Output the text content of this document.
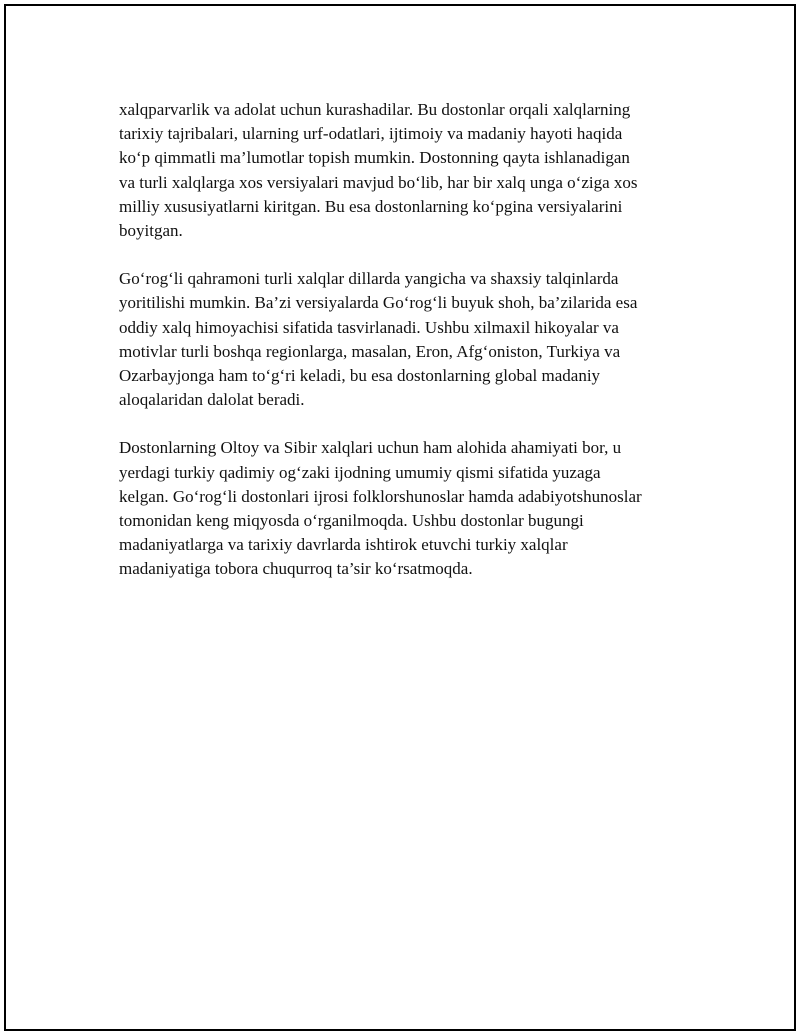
xalqparvarlik va adolat uchun kurashadilar. Bu dostonlar orqali xalqlarning
tarixiy tajribalari, ularning urf-odatlari, ijtimoiy va madaniy hayoti haqida
ko‘p qimmatli ma’lumotlar topish mumkin. Dostonning qayta ishlanadigan
va turli xalqlarga xos versiyalari mavjud bo‘lib, har bir xalq unga o‘ziga xos
milliy xususiyatlarni kiritgan. Bu esa dostonlarning ko‘pgina versiyalarini
boyitgan.

Go‘rog‘li qahramoni turli xalqlar dillarda yangicha va shaxsiy talqinlarda
yoritilishi mumkin. Ba’zi versiyalarda Go‘rog‘li buyuk shoh, ba’zilarida esa
oddiy xalq himoyachisi sifatida tasvirlanadi. Ushbu xilmaxil hikoyalar va
motivlar turli boshqa regionlarga, masalan, Eron, Afg‘oniston, Turkiya va
Ozarbayjonga ham to‘g‘ri keladi, bu esa dostonlarning global madaniy
aloqalaridan dalolat beradi.

Dostonlarning Oltoy va Sibir xalqlari uchun ham alohida ahamiyati bor, u
yerdagi turkiy qadimiy og‘zaki ijodning umumiy qismi sifatida yuzaga
kelgan. Go‘rog‘li dostonlari ijrosi folklorshunoslar hamda adabiyotshunoslar
tomonidan keng miqyosda o‘rganilmoqda. Ushbu dostonlar bugungi
madaniyatlarga va tarixiy davrlarda ishtirok etuvchi turkiy xalqlar
madaniyatiga tobora chuqurroq ta’sir ko‘rsatmoqda.
